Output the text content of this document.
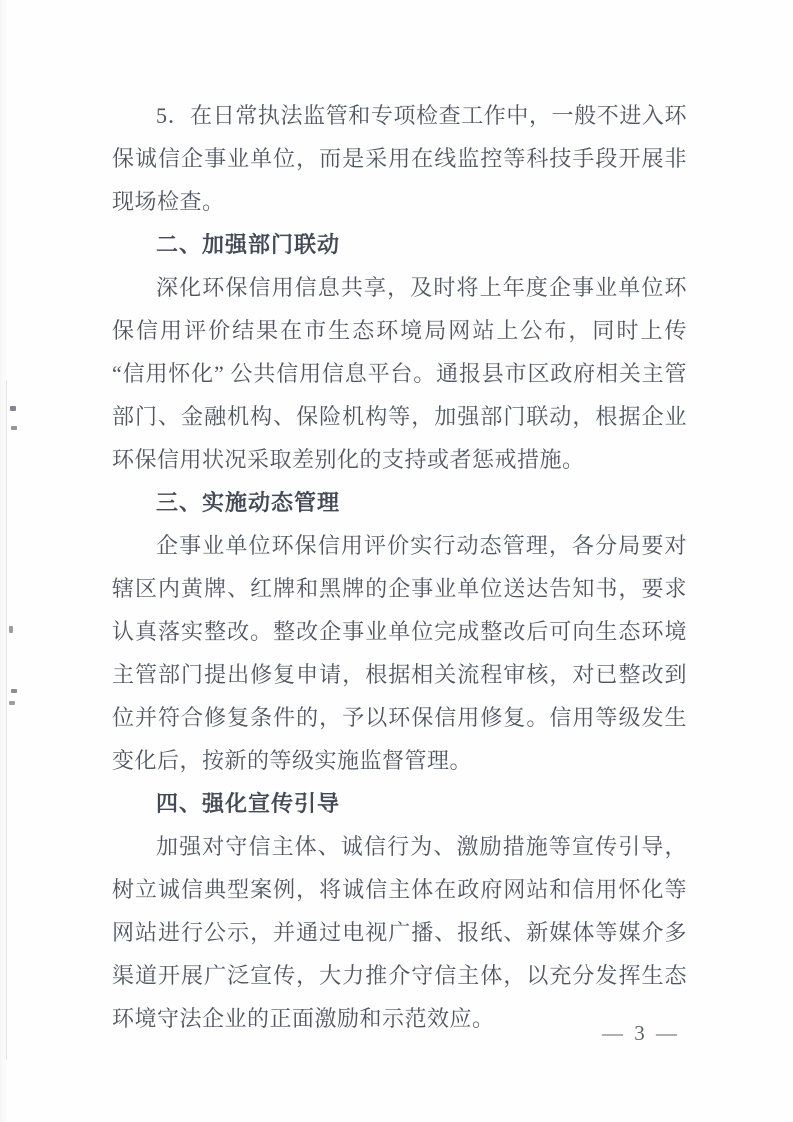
5．在日常执法监管和专项检查工作中，一般不进入环保诚信企事业单位，而是采用在线监控等科技手段开展非现场检查。

二、加强部门联动

深化环保信用信息共享，及时将上年度企事业单位环保信用评价结果在市生态环境局网站上公布，同时上传 “信用怀化” 公共信用信息平台。通报县市区政府相关主管部门、金融机构、保险机构等，加强部门联动，根据企业环保信用状况采取差别化的支持或者惩戒措施。

三、实施动态管理

企事业单位环保信用评价实行动态管理，各分局要对辖区内黄牌、红牌和黑牌的企事业单位送达告知书，要求认真落实整改。整改企事业单位完成整改后可向生态环境主管部门提出修复申请，根据相关流程审核，对已整改到位并符合修复条件的，予以环保信用修复。信用等级发生变化后，按新的等级实施监督管理。

四、强化宣传引导

加强对守信主体、诚信行为、激励措施等宣传引导，树立诚信典型案例，将诚信主体在政府网站和信用怀化等网站进行公示，并通过电视广播、报纸、新媒体等媒介多渠道开展广泛宣传，大力推介守信主体，以充分发挥生态环境守法企业的正面激励和示范效应。

— 3 —
